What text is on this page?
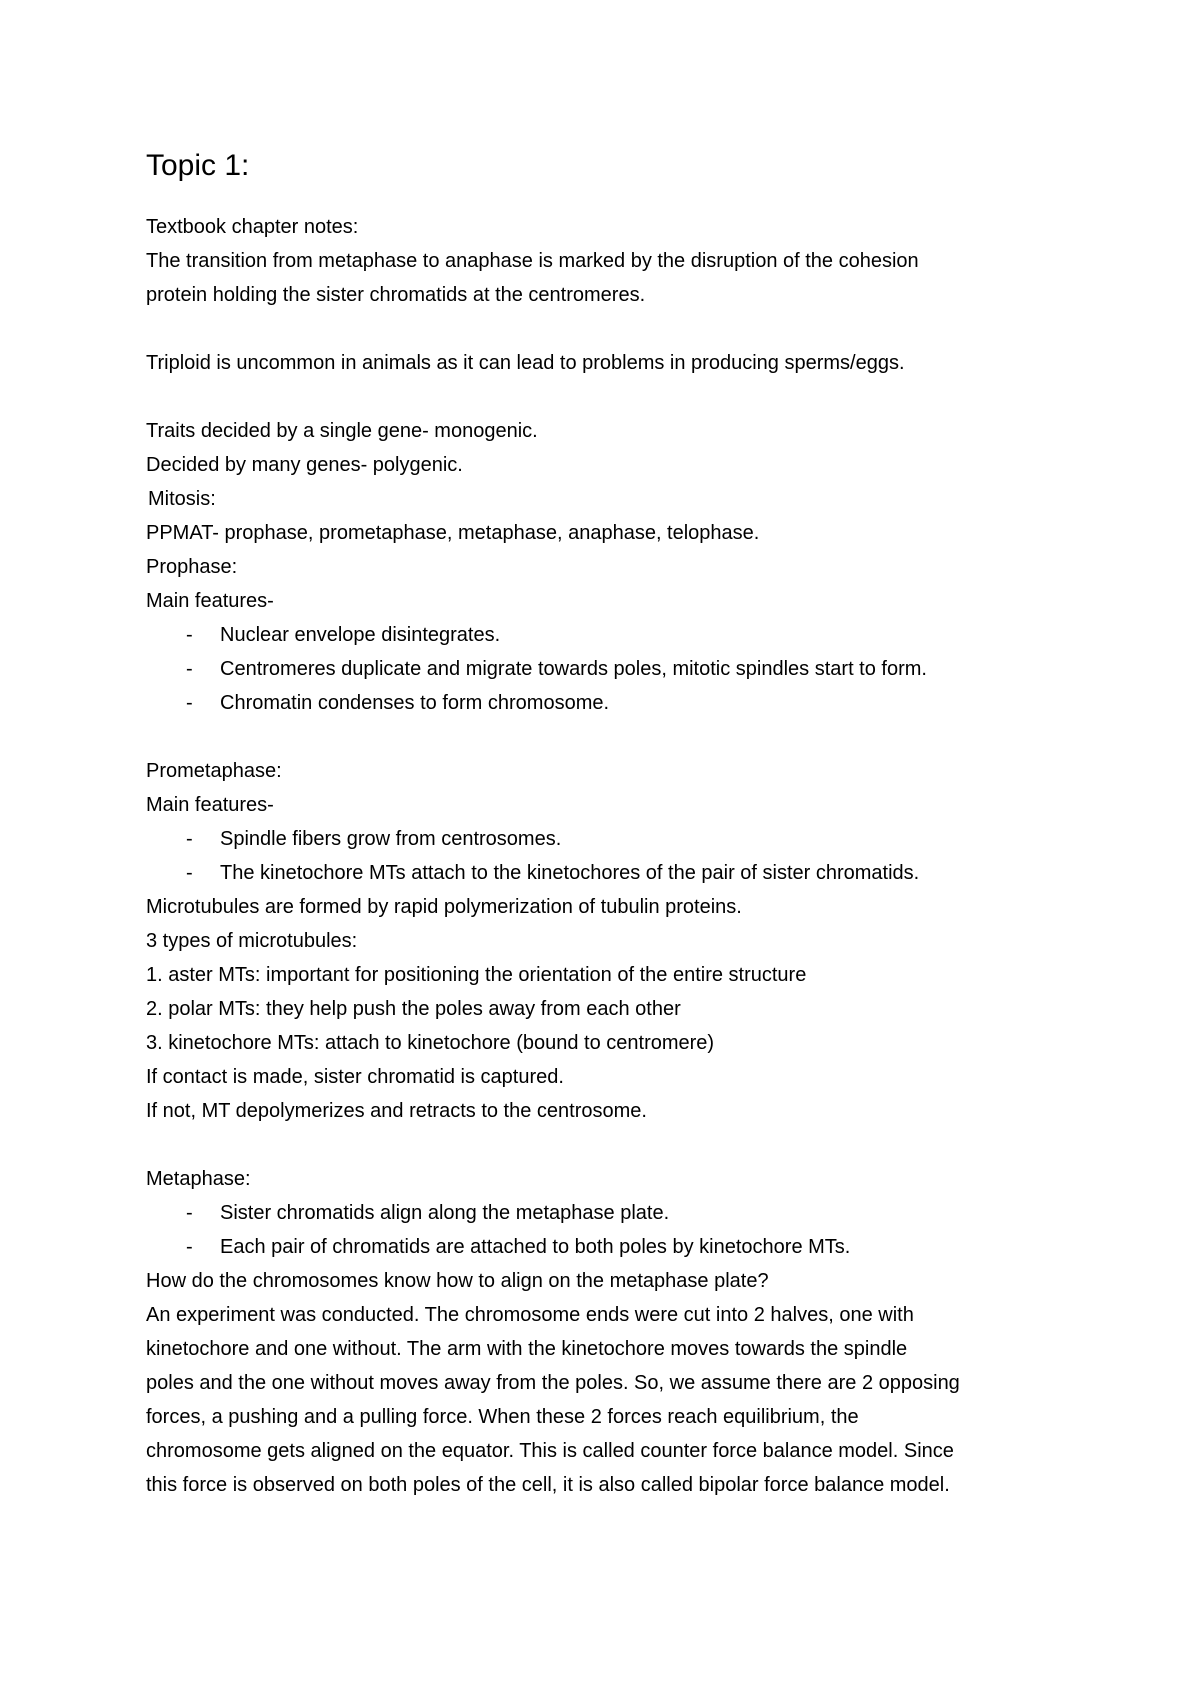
Topic 1:
Textbook chapter notes:
The transition from metaphase to anaphase is marked by the disruption of the cohesion
protein holding the sister chromatids at the centromeres.
Triploid is uncommon in animals as it can lead to problems in producing sperms/eggs.
Traits decided by a single gene- monogenic.
Decided by many genes- polygenic.
Mitosis:
PPMAT- prophase, prometaphase, metaphase, anaphase, telophase.
Prophase:
Main features-
- Nuclear envelope disintegrates.
- Centromeres duplicate and migrate towards poles, mitotic spindles start to form.
- Chromatin condenses to form chromosome.
Prometaphase:
Main features-
- Spindle fibers grow from centrosomes.
- The kinetochore MTs attach to the kinetochores of the pair of sister chromatids.
Microtubules are formed by rapid polymerization of tubulin proteins.
3 types of microtubules:
1. aster MTs: important for positioning the orientation of the entire structure
2. polar MTs: they help push the poles away from each other
3. kinetochore MTs: attach to kinetochore (bound to centromere)
If contact is made, sister chromatid is captured.
If not, MT depolymerizes and retracts to the centrosome.
Metaphase:
- Sister chromatids align along the metaphase plate.
- Each pair of chromatids are attached to both poles by kinetochore MTs.
How do the chromosomes know how to align on the metaphase plate?
An experiment was conducted. The chromosome ends were cut into 2 halves, one with
kinetochore and one without. The arm with the kinetochore moves towards the spindle
poles and the one without moves away from the poles. So, we assume there are 2 opposing
forces, a pushing and a pulling force. When these 2 forces reach equilibrium, the
chromosome gets aligned on the equator. This is called counter force balance model. Since
this force is observed on both poles of the cell, it is also called bipolar force balance model.
